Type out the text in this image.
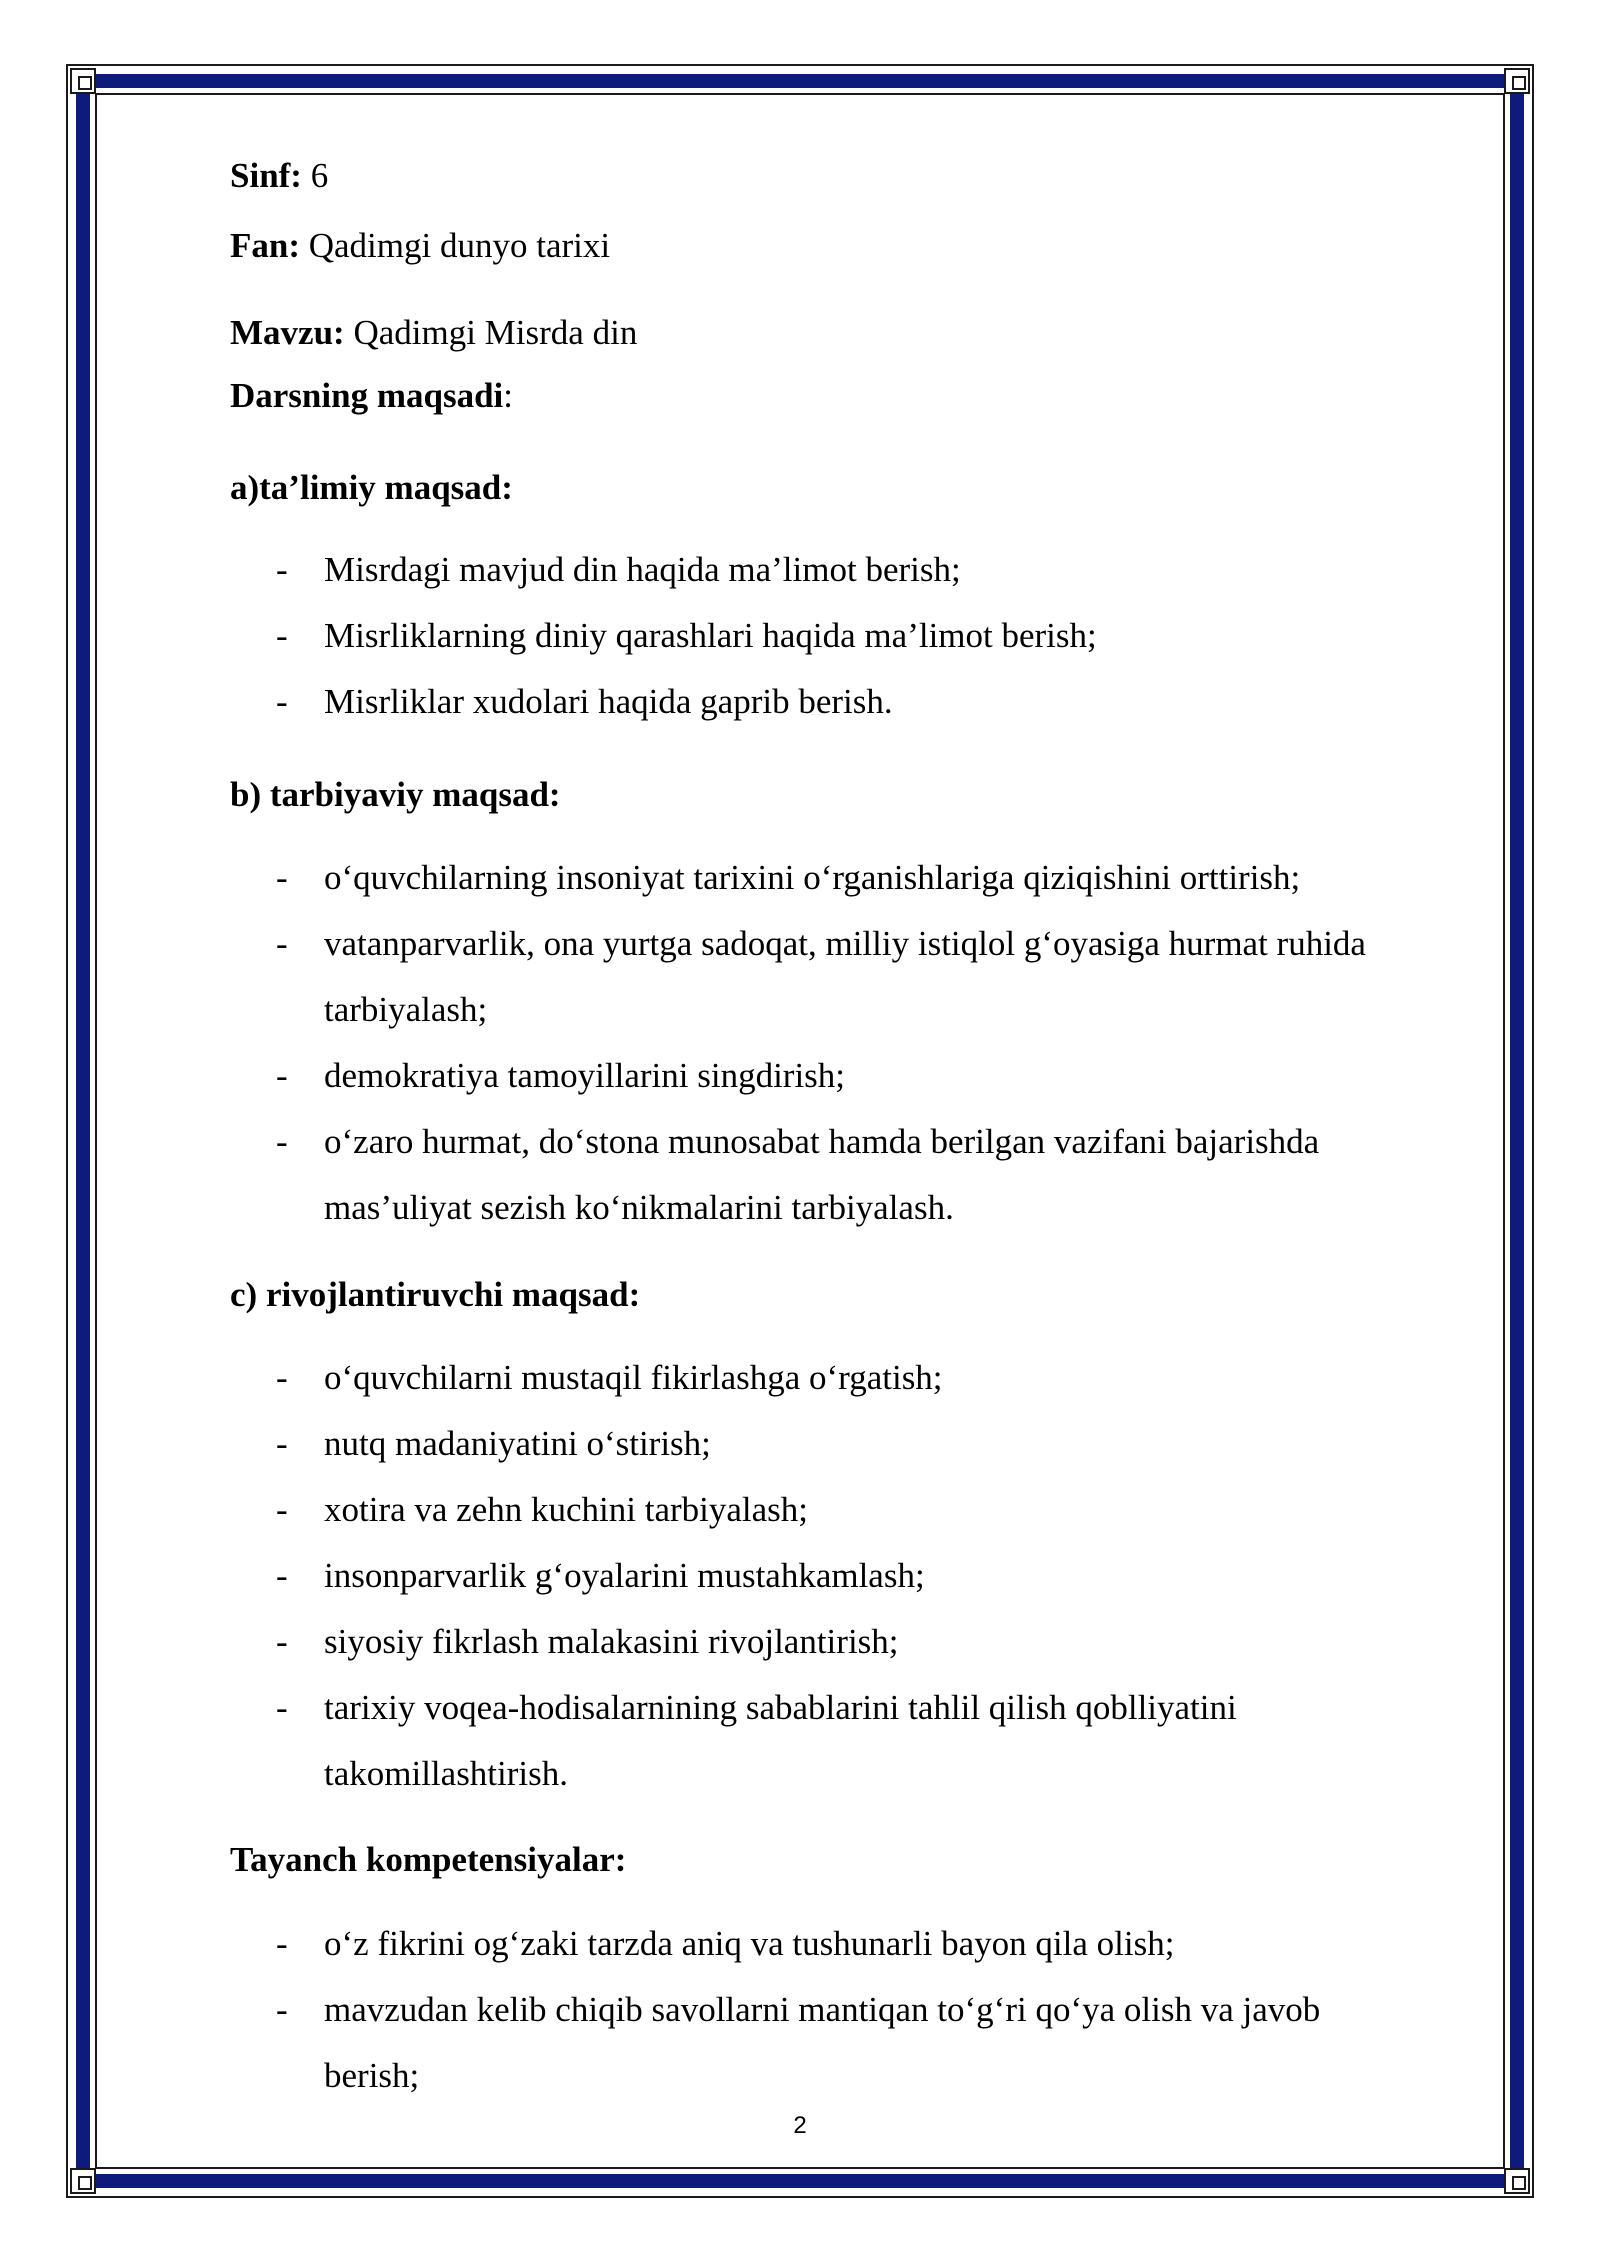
Sinf: 6
Fan: Qadimgi dunyo tarixi
Mavzu: Qadimgi Misrda din
Darsning maqsadi:
a)ta’limiy maqsad:
- Misrdagi mavjud din haqida ma’limot berish;
- Misrliklarning diniy qarashlari haqida ma’limot berish;
- Misrliklar xudolari haqida gaprib berish.
b) tarbiyaviy maqsad:
- o‘quvchilarning insoniyat tarixini o‘rganishlariga qiziqishini orttirish;
- vatanparvarlik, ona yurtga sadoqat, milliy istiqlol g‘oyasiga hurmat ruhida
tarbiyalash;
- demokratiya tamoyillarini singdirish;
- o‘zaro hurmat, do‘stona munosabat hamda berilgan vazifani bajarishda
mas’uliyat sezish ko‘nikmalarini tarbiyalash.
c) rivojlantiruvchi maqsad:
- o‘quvchilarni mustaqil fikirlashga o‘rgatish;
- nutq madaniyatini o‘stirish;
- xotira va zehn kuchini tarbiyalash;
- insonparvarlik g‘oyalarini mustahkamlash;
- siyosiy fikrlash malakasini rivojlantirish;
- tarixiy voqea-hodisalarnining sabablarini tahlil qilish qoblliyatini
takomillashtirish.
Tayanch kompetensiyalar:
- o‘z fikrini og‘zaki tarzda aniq va tushunarli bayon qila olish;
- mavzudan kelib chiqib savollarni mantiqan to‘g‘ri qo‘ya olish va javob
berish;
2
